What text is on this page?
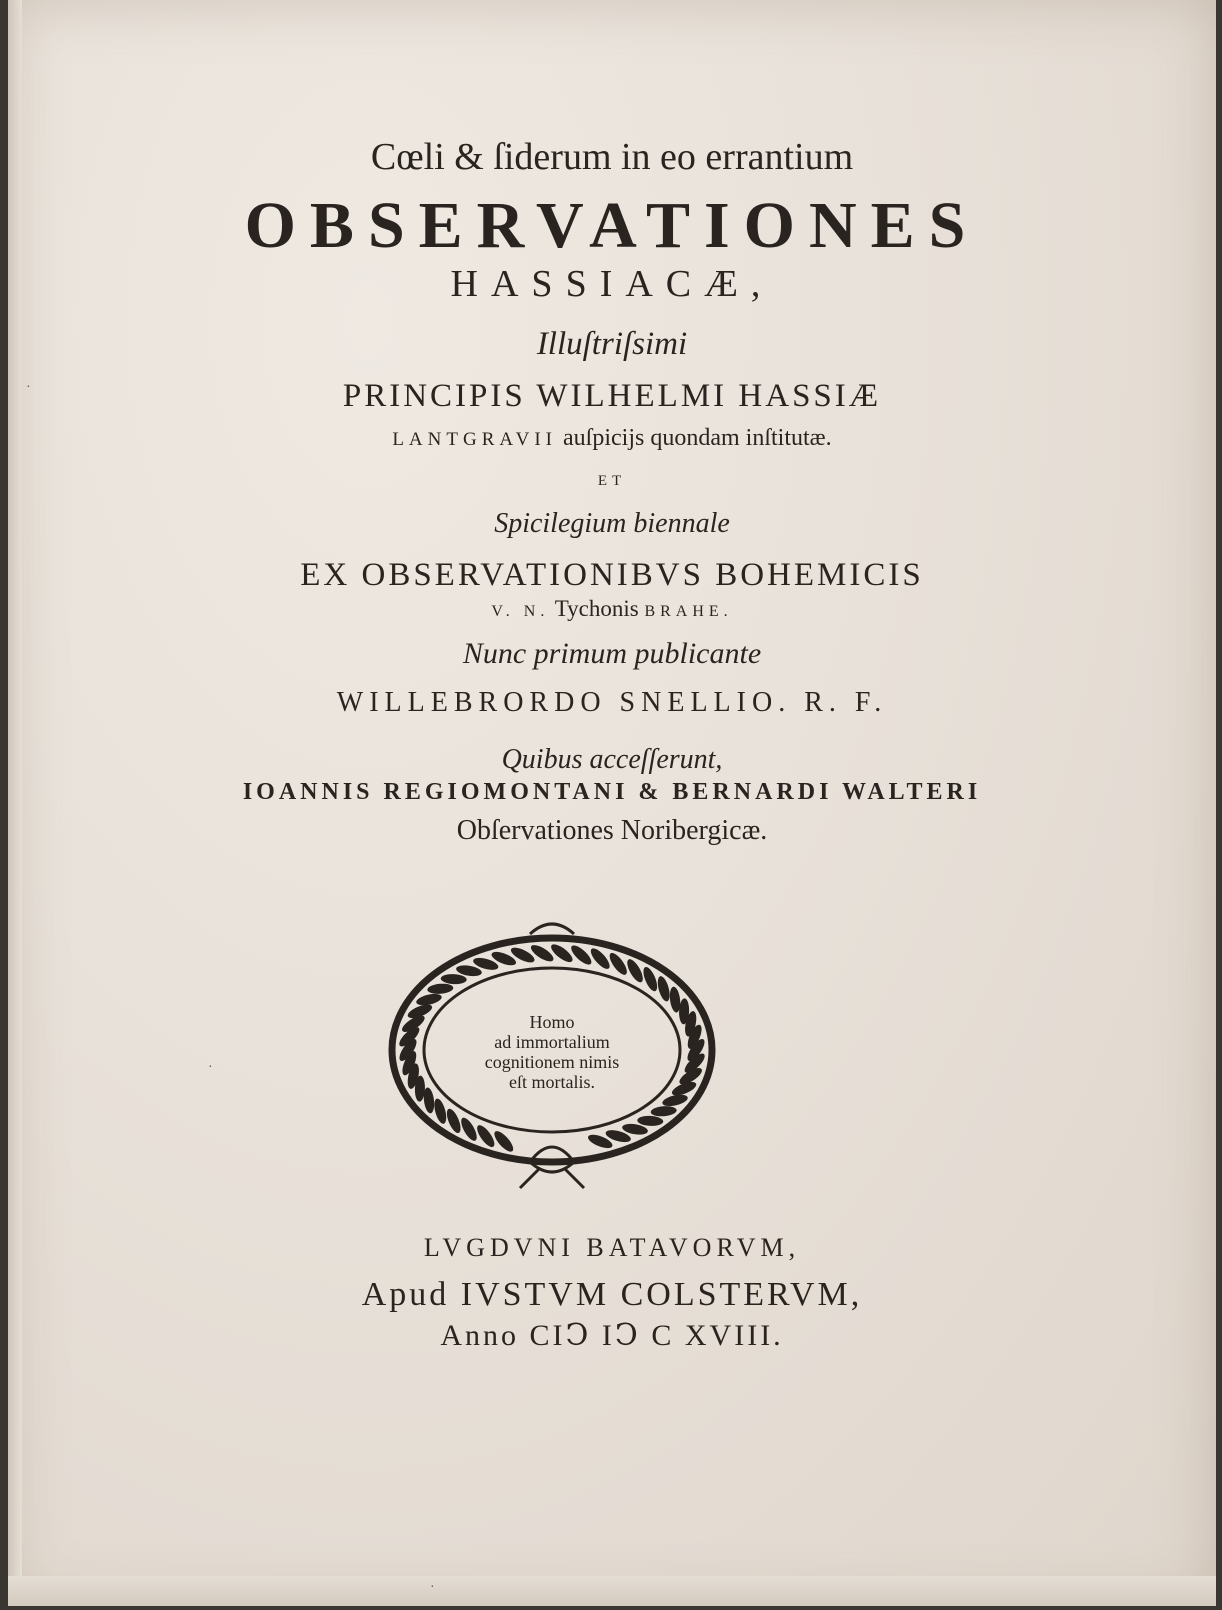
Cœli & ſiderum in eo errantium
OBSERVATIONES
HASSIACÆ,
Illuſtriſsimi
PRINCIPIS WILHELMI HASSIÆ
LANTGRAVII auſpicijs quondam inſtitutæ.
ET
Spicilegium biennale
EX OBSERVATIONIBVS BOHEMICIS
V. N. Tychonis BRAHE.
Nunc primum publicante
WILLEBRORDO SNELLIO. R. F.
Quibus acceſſerunt,
IOANNIS REGIOMONTANI & BERNARDI WALTERI
Obſervationes Noribergicæ.
Homo
ad immortalium
cognitionem nimis
eſt mortalis.
LVGDVNI BATAVORVM,
Apud IVSTVM COLSTERVM,
Anno CIↃ IↃ C XVIII.
·
·
·
